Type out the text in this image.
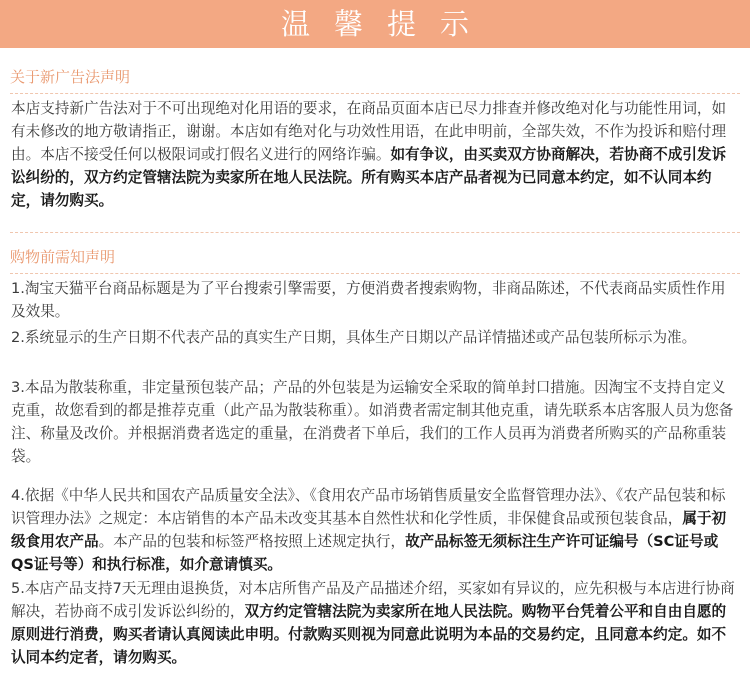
温馨提示
关于新广告法声明
本店支持新广告法对于不可出现绝对化用语的要求，在商品页面本店已尽力排查并修改绝对化与功能性用词，如有未修改的地方敬请指正，谢谢。本店如有绝对化与功效性用语，在此申明前，全部失效，不作为投诉和赔付理由。本店不接受任何以极限词或打假名义进行的网络诈骗。如有争议，由买卖双方协商解决，若协商不成引发诉讼纠纷的，双方约定管辖法院为卖家所在地人民法院。所有购买本店产品者视为已同意本约定，如不认同本约定，请勿购买。
购物前需知声明
1.淘宝天猫平台商品标题是为了平台搜索引擎需要，方便消费者搜索购物，非商品陈述，不代表商品实质性作用及效果。
2.系统显示的生产日期不代表产品的真实生产日期，具体生产日期以产品详情描述或产品包装所标示为准。
3.本品为散装称重，非定量预包装产品；产品的外包装是为运输安全采取的简单封口措施。因淘宝不支持自定义克重，故您看到的都是推荐克重（此产品为散装称重）。如消费者需定制其他克重，请先联系本店客服人员为您备注、称量及改价。并根据消费者选定的重量，在消费者下单后，我们的工作人员再为消费者所购买的产品称重装袋。
4.依据《中华人民共和国农产品质量安全法》、《食用农产品市场销售质量安全监督管理办法》、《农产品包装和标识管理办法》之规定：本店销售的本产品未改变其基本自然性状和化学性质，非保健食品或预包装食品，属于初级食用农产品。本产品的包装和标签严格按照上述规定执行，故产品标签无须标注生产许可证编号（SC证号或QS证号等）和执行标准，如介意请慎买。
5.本店产品支持7天无理由退换货，对本店所售产品及产品描述介绍，买家如有异议的，应先积极与本店进行协商解决，若协商不成引发诉讼纠纷的，双方约定管辖法院为卖家所在地人民法院。购物平台凭着公平和自由自愿的原则进行消费，购买者请认真阅读此申明。付款购买则视为同意此说明为本品的交易约定，且同意本约定。如不认同本约定者，请勿购买。
